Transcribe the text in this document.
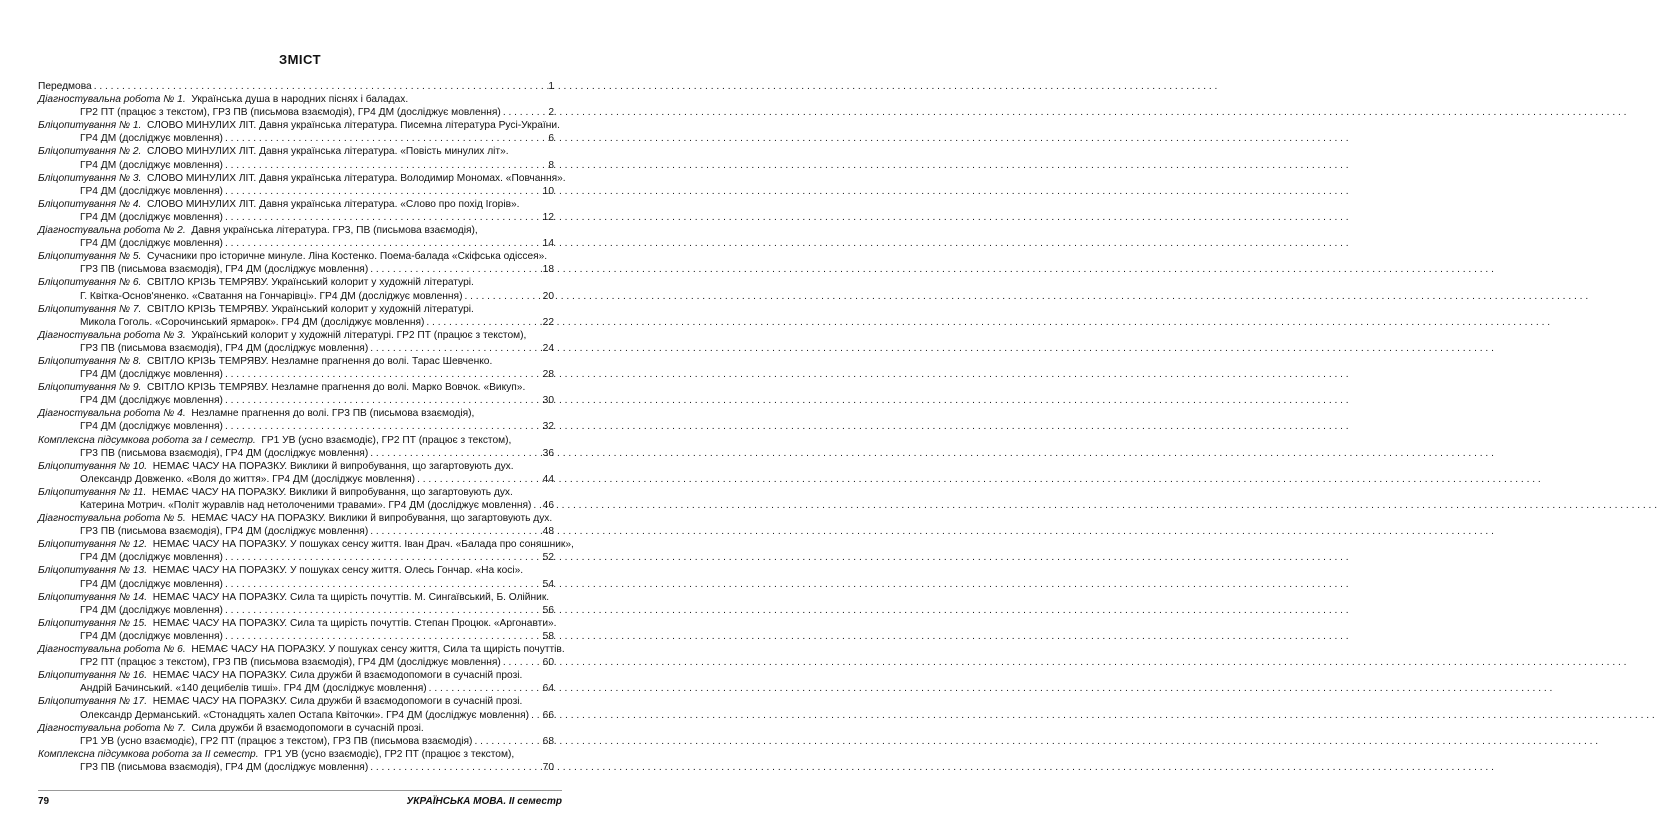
ЗМІСТ
Передмова . . .	1
Діагностувальна робота № 1.
Українська душа в народних піснях і баладах.
ГР2 ПТ (працює з текстом), ГР3 ПВ (письмова взаємодія), ГР4 ДМ (досліджує мовлення) . . .	2
Бліцопитування № 1.
СЛОВО МИНУЛИХ ЛІТ. Давня українська література. Писемна література Русі-України.
ГР4 ДМ (досліджує мовлення) . . .	6
Бліцопитування № 2.
СЛОВО МИНУЛИХ ЛІТ. Давня українська література. «Повість минулих літ».
ГР4 ДМ (досліджує мовлення) . . .	8
Бліцопитування № 3.
СЛОВО МИНУЛИХ ЛІТ. Давня українська література. Володимир Мономах. «Повчання».
ГР4 ДМ (досліджує мовлення) . . .	10
Бліцопитування № 4.
СЛОВО МИНУЛИХ ЛІТ. Давня українська література. «Слово про похід Ігорів».
ГР4 ДМ (досліджує мовлення) . . .	12
Діагностувальна робота № 2.
Давня українська література. ГР3, ПВ (письмова взаємодія),
ГР4 ДМ (досліджує мовлення) . . .	14
Бліцопитування № 5.
Сучасники про історичне минуле. Ліна Костенко. Поема-балада «Скіфська одіссея».
ГР3 ПВ (письмова взаємодія), ГР4 ДМ (досліджує мовлення) . . .	18
Бліцопитування № 6.
СВІТЛО КРІЗЬ ТЕМРЯВУ. Український колорит у художній літературі.
Г. Квітка-Основ'яненко. «Сватання на Гончарівці». ГР4 ДМ (досліджує мовлення) . . .	20
Бліцопитування № 7.
СВІТЛО КРІЗЬ ТЕМРЯВУ. Український колорит у художній літературі.
Микола Гоголь. «Сорочинський ярмарок». ГР4 ДМ (досліджує мовлення) . . .	22
Діагностувальна робота № 3.
Український колорит у художній літературі. ГР2 ПТ (працює з текстом),
ГР3 ПВ (письмова взаємодія), ГР4 ДМ (досліджує мовлення) . . .	24
Бліцопитування № 8.
СВІТЛО КРІЗЬ ТЕМРЯВУ. Незламне прагнення до волі. Тарас Шевченко.
ГР4 ДМ (досліджує мовлення) . . .	28
Бліцопитування № 9.
СВІТЛО КРІЗЬ ТЕМРЯВУ. Незламне прагнення до волі. Марко Вовчок. «Викуп».
ГР4 ДМ (досліджує мовлення) . . .	30
Діагностувальна робота № 4.
Незламне прагнення до волі. ГР3 ПВ (письмова взаємодія),
ГР4 ДМ (досліджує мовлення) . . .	32
Комплексна підсумкова робота за I семестр.
ГР1 УВ (усно взаємодіє), ГР2 ПТ (працює з текстом),
ГР3 ПВ (письмова взаємодія), ГР4 ДМ (досліджує мовлення) . . .	36
Бліцопитування № 10.
НЕМАЄ ЧАСУ НА ПОРАЗКУ. Виклики й випробування, що загартовують дух.
Олександр Довженко. «Воля до життя». ГР4 ДМ (досліджує мовлення) . . .	44
Бліцопитування № 11.
НЕМАЄ ЧАСУ НА ПОРАЗКУ. Виклики й випробування, що загартовують дух.
Катерина Мотрич. «Політ журавлів над нетолоченими травами». ГР4 ДМ (досліджує мовлення) . . . 46
Діагностувальна робота № 5.
НЕМАЄ ЧАСУ НА ПОРАЗКУ. Виклики й випробування, що загартовують дух.
ГР3 ПВ (письмова взаємодія), ГР4 ДМ (досліджує мовлення) . . .	48
Бліцопитування № 12.
НЕМАЄ ЧАСУ НА ПОРАЗКУ. У пошуках сенсу життя. Іван Драч. «Балада про соняшник»,
ГР4 ДМ (досліджує мовлення) . . .	52
Бліцопитування № 13.
НЕМАЄ ЧАСУ НА ПОРАЗКУ. У пошуках сенсу життя. Олесь Гончар. «На косі».
ГР4 ДМ (досліджує мовлення) . . .	54
Бліцопитування № 14.
НЕМАЄ ЧАСУ НА ПОРАЗКУ. Сила та щирість почуттів. М. Сингаївський, Б. Олійник.
ГР4 ДМ (досліджує мовлення) . . .	56
Бліцопитування № 15.
НЕМАЄ ЧАСУ НА ПОРАЗКУ. Сила та щирість почуттів. Степан Процюк. «Аргонавти».
ГР4 ДМ (досліджує мовлення) . . .	58
Діагностувальна робота № 6.
НЕМАЄ ЧАСУ НА ПОРАЗКУ. У пошуках сенсу життя, Сила та щирість почуттів.
ГР2 ПТ (працює з текстом), ГР3 ПВ (письмова взаємодія), ГР4 ДМ (досліджує мовлення) . . .	60
Бліцопитування № 16.
НЕМАЄ ЧАСУ НА ПОРАЗКУ. Сила дружби й взаємодопомоги в сучасній прозі.
Андрій Бачинський. «140 децибелів тиші». ГР4 ДМ (досліджує мовлення) . . .	64
Бліцопитування № 17.
НЕМАЄ ЧАСУ НА ПОРАЗКУ. Сила дружби й взаємодопомоги в сучасній прозі.
Олександр Дерманський. «Стонадцять халеп Остапа Квіточки». ГР4 ДМ (досліджує мовлення) . . . 66
Діагностувальна робота № 7.
Сила дружби й взаємодопомоги в сучасній прозі.
ГР1 УВ (усно взаємодіє), ГР2 ПТ (працює з текстом), ГР3 ПВ (письмова взаємодія) . . .	68
Комплексна підсумкова робота за II семестр.
ГР1 УВ (усно взаємодіє), ГР2 ПТ (працює з текстом),
ГР3 ПВ (письмова взаємодія), ГР4 ДМ (досліджує мовлення) . . .	70
79	УКРАЇНСЬКА МОВА. ІІ семестр
